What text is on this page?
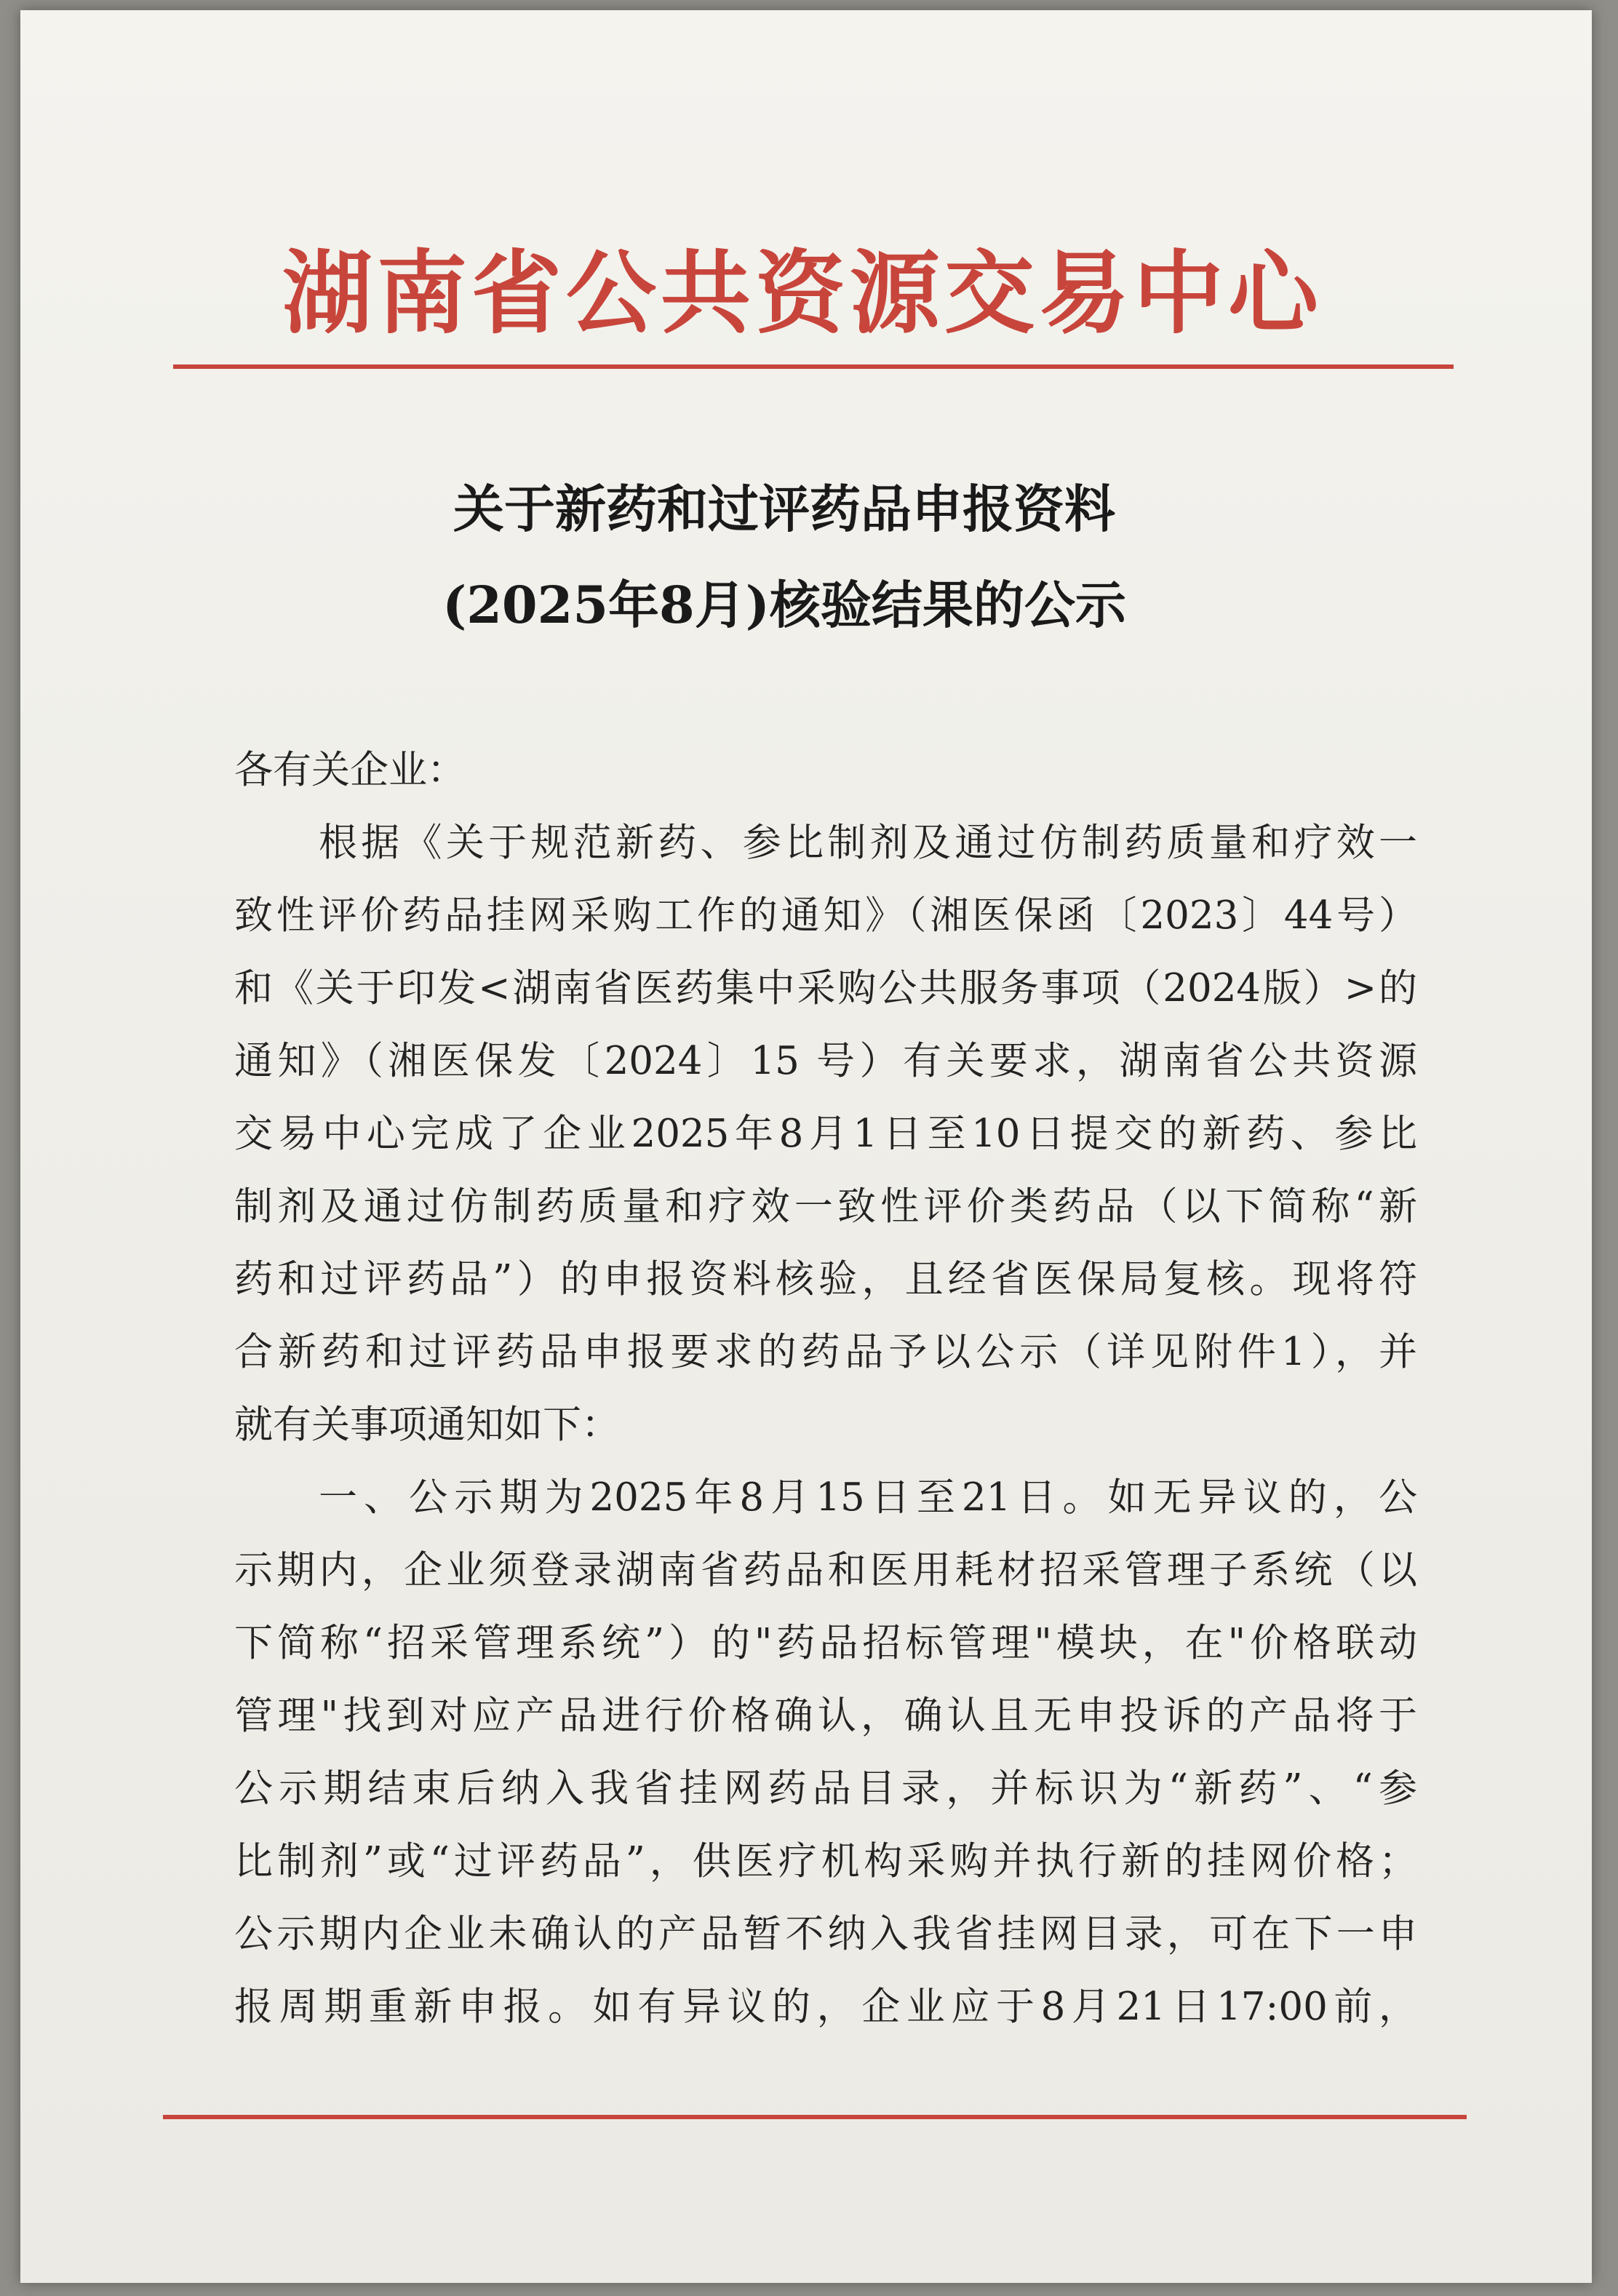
湖南省公共资源交易中心
关于新药和过评药品申报资料
(2025年8月)核验结果的公示
各有关企业：
根据《关于规范新药、参比制剂及通过仿制药质量和疗效一
致性评价药品挂网采购工作的通知》（湘医保函〔2023〕44号）
和《关于印发<湖南省医药集中采购公共服务事项（2024版）>的
通知》（湘医保发〔2024〕15 号）有关要求，湖南省公共资源
交易中心完成了企业2025年8月1日至10日提交的新药、参比
制剂及通过仿制药质量和疗效一致性评价类药品（以下简称“新
药和过评药品”）的申报资料核验，且经省医保局复核。现将符
合新药和过评药品申报要求的药品予以公示（详见附件1），并
就有关事项通知如下：
一、公示期为2025年8月15日至21日。如无异议的，公
示期内，企业须登录湖南省药品和医用耗材招采管理子系统（以
下简称“招采管理系统”）的"药品招标管理"模块，在"价格联动
管理"找到对应产品进行价格确认，确认且无申投诉的产品将于
公示期结束后纳入我省挂网药品目录，并标识为“新药”、“参
比制剂”或“过评药品”，供医疗机构采购并执行新的挂网价格；
公示期内企业未确认的产品暂不纳入我省挂网目录，可在下一申
报周期重新申报。如有异议的，企业应于8月21日17:00前，
